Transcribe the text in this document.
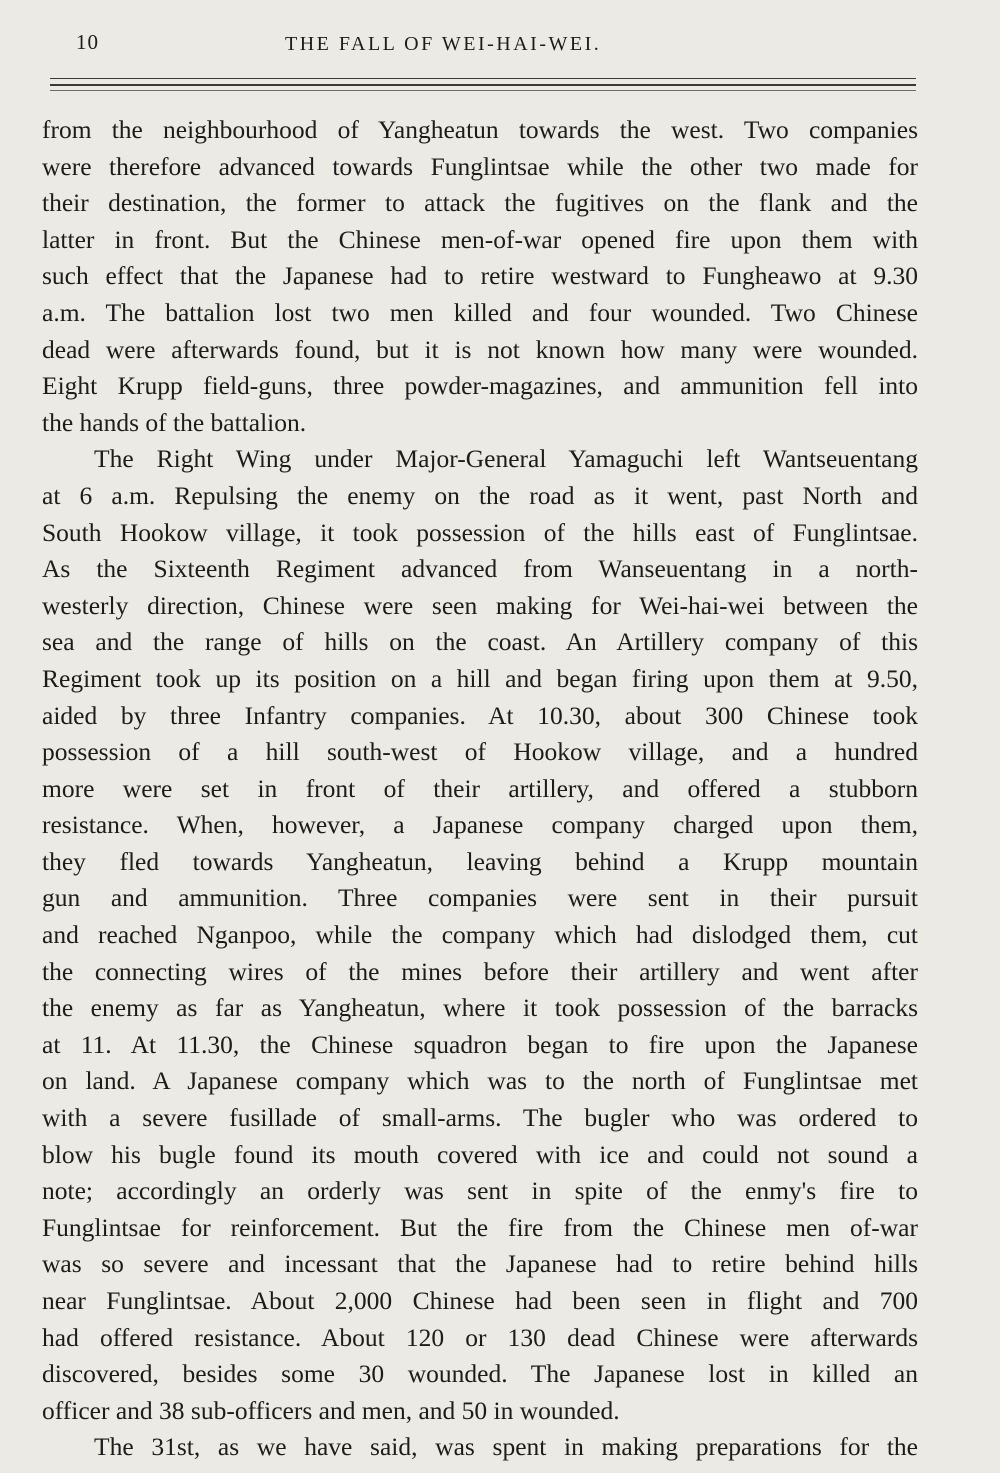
10	THE FALL OF WEI-HAI-WEI.
from the neighbourhood of Yangheatun towards the west. Two companies
were therefore advanced towards Funglintsae while the other two made for
their destination, the former to attack the fugitives on the flank and the
latter in front. But the Chinese men-of-war opened fire upon them with
such effect that the Japanese had to retire westward to Fungheawo at 9.30
a.m. The battalion lost two men killed and four wounded. Two Chinese
dead were afterwards found, but it is not known how many were wounded.
Eight Krupp field-guns, three powder-magazines, and ammunition fell into
the hands of the battalion.
The Right Wing under Major-General Yamaguchi left Wantseuentang
at 6 a.m. Repulsing the enemy on the road as it went, past North and
South Hookow village, it took possession of the hills east of Funglintsae.
As the Sixteenth Regiment advanced from Wanseuentang in a north-
westerly direction, Chinese were seen making for Wei-hai-wei between the
sea and the range of hills on the coast. An Artillery company of this
Regiment took up its position on a hill and began firing upon them at 9.50,
aided by three Infantry companies. At 10.30, about 300 Chinese took
possession of a hill south-west of Hookow village, and a hundred
more were set in front of their artillery, and offered a stubborn
resistance. When, however, a Japanese company charged upon them,
they fled towards Yangheatun, leaving behind a Krupp mountain
gun and ammunition. Three companies were sent in their pursuit
and reached Nganpoo, while the company which had dislodged them, cut
the connecting wires of the mines before their artillery and went after
the enemy as far as Yangheatun, where it took possession of the barracks
at 11. At 11.30, the Chinese squadron began to fire upon the Japanese
on land. A Japanese company which was to the north of Funglintsae met
with a severe fusillade of small-arms. The bugler who was ordered to
blow his bugle found its mouth covered with ice and could not sound a
note; accordingly an orderly was sent in spite of the enmy's fire to
Funglintsae for reinforcement. But the fire from the Chinese men of-war
was so severe and incessant that the Japanese had to retire behind hills
near Funglintsae. About 2,000 Chinese had been seen in flight and 700
had offered resistance. About 120 or 130 dead Chinese were afterwards
discovered, besides some 30 wounded. The Japanese lost in killed an
officer and 38 sub-officers and men, and 50 in wounded.
The 31st, as we have said, was spent in making preparations for the
